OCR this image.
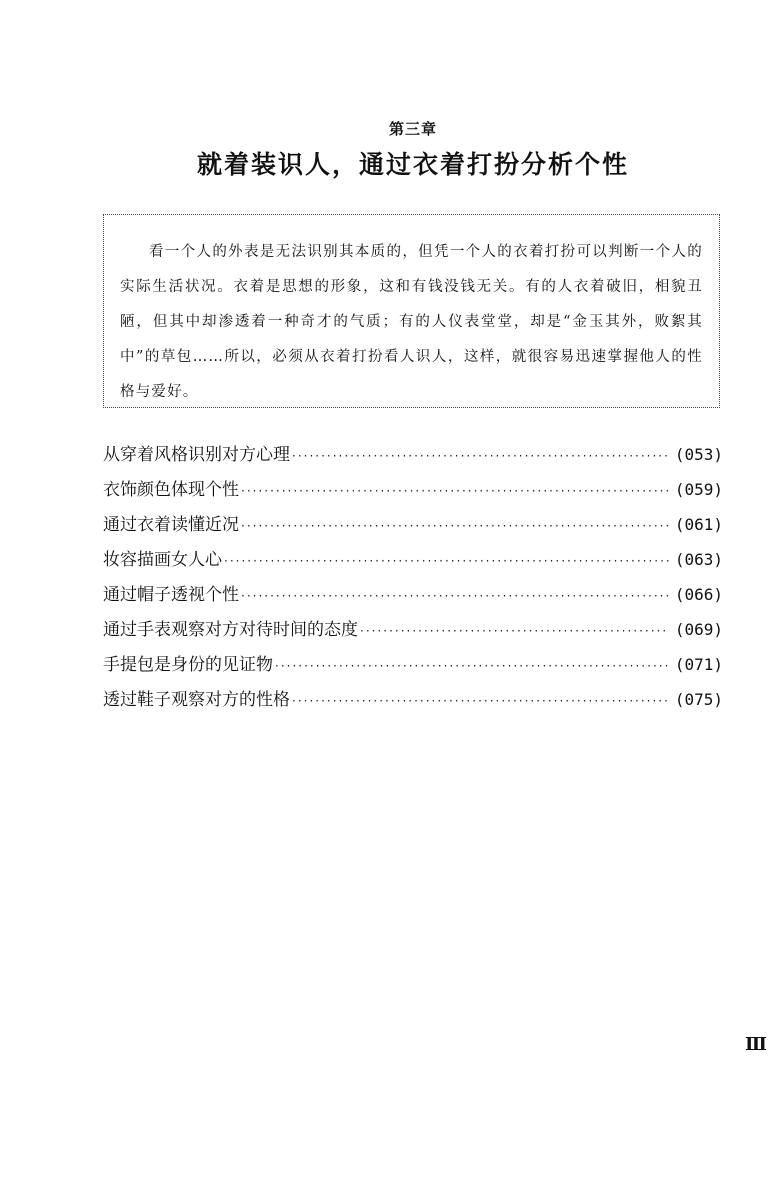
第三章
就着装识人，通过衣着打扮分析个性

看一个人的外表是无法识别其本质的，但凭一个人的衣着打扮可以判断一个人的实际生活状况。衣着是思想的形象，这和有钱没钱无关。有的人衣着破旧，相貌丑陋，但其中却渗透着一种奇才的气质；有的人仪表堂堂，却是“金玉其外，败絮其中”的草包……所以，必须从衣着打扮看人识人，这样，就很容易迅速掌握他人的性格与爱好。

从穿着风格识别对方心理 ·····	(053)
衣饰颜色体现个性 ·····	(059)
通过衣着读懂近况 ·····	(061)
妆容描画女人心 ·····	(063)
通过帽子透视个性 ·····	(066)
通过手表观察对方对待时间的态度 ·····	(069)
手提包是身份的见证物 ·····	(071)
透过鞋子观察对方的性格 ·····	(075)
Ⅲ
